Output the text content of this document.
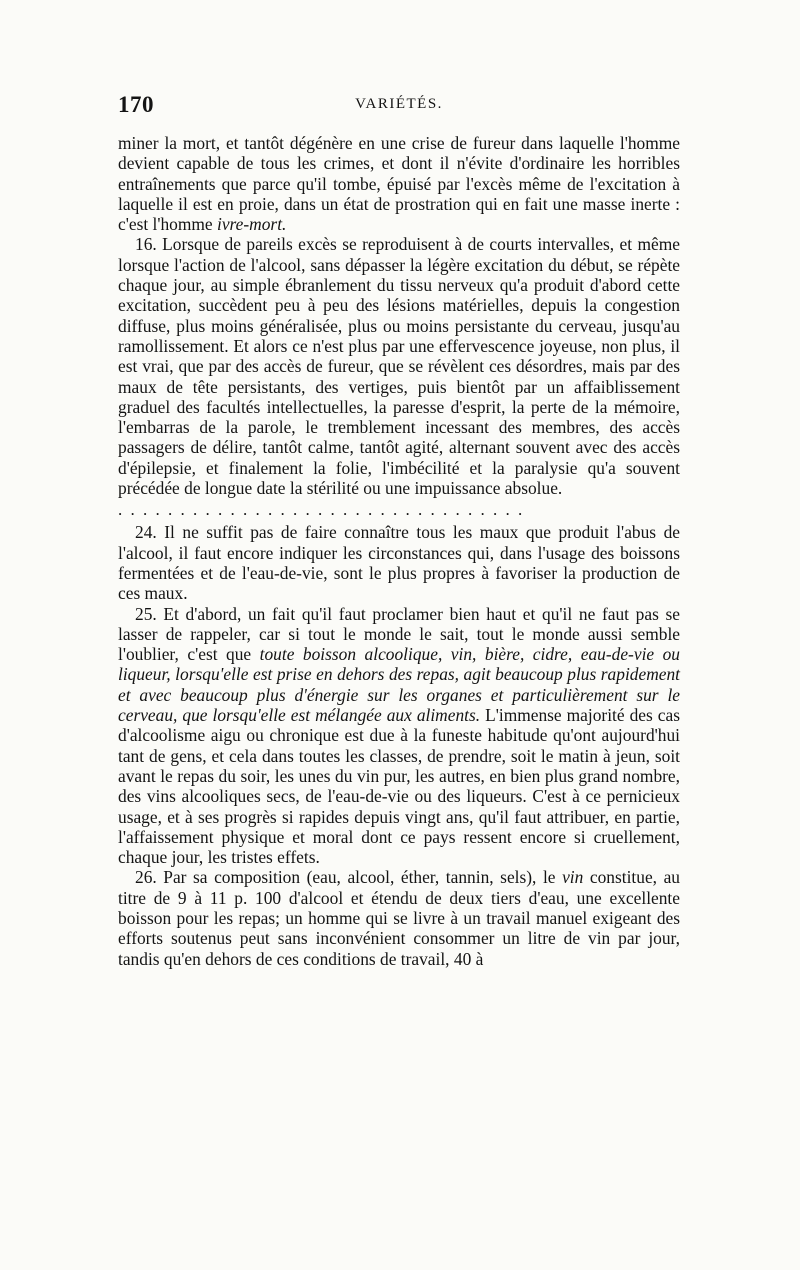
170	VARIÉTÉS.

miner la mort, et tantôt dégénère en une crise de fureur dans laquelle l'homme devient capable de tous les crimes, et dont il n'évite d'ordinaire les horribles entraînements que parce qu'il tombe, épuisé par l'excès même de l'excitation à laquelle il est en proie, dans un état de prostration qui en fait une masse inerte : c'est l'homme ivre-mort.

16. Lorsque de pareils excès se reproduisent à de courts intervalles, et même lorsque l'action de l'alcool, sans dépasser la légère excitation du début, se répète chaque jour, au simple ébranlement du tissu nerveux qu'a produit d'abord cette excitation, succèdent peu à peu des lésions matérielles, depuis la congestion diffuse, plus moins généralisée, plus ou moins persistante du cerveau, jusqu'au ramollissement. Et alors ce n'est plus par une effervescence joyeuse, non plus, il est vrai, que par des accès de fureur, que se révèlent ces désordres, mais par des maux de tête persistants, des vertiges, puis bientôt par un affaiblissement graduel des facultés intellectuelles, la paresse d'esprit, la perte de la mémoire, l'embarras de la parole, le tremblement incessant des membres, des accès passagers de délire, tantôt calme, tantôt agité, alternant souvent avec des accès d'épilepsie, et finalement la folie, l'imbécilité et la paralysie qu'a souvent précédée de longue date la stérilité ou une impuissance absolue.

. . . . . . . . . . . . . . . . . . . . . . . . . . . . . . . . .

24. Il ne suffit pas de faire connaître tous les maux que produit l'abus de l'alcool, il faut encore indiquer les circonstances qui, dans l'usage des boissons fermentées et de l'eau-de-vie, sont le plus propres à favoriser la production de ces maux.

25. Et d'abord, un fait qu'il faut proclamer bien haut et qu'il ne faut pas se lasser de rappeler, car si tout le monde le sait, tout le monde aussi semble l'oublier, c'est que toute boisson alcoolique, vin, bière, cidre, eau-de-vie ou liqueur, lorsqu'elle est prise en dehors des repas, agit beaucoup plus rapidement et avec beaucoup plus d'énergie sur les organes et particulièrement sur le cerveau, que lorsqu'elle est mélangée aux aliments. L'immense majorité des cas d'alcoolisme aigu ou chronique est due à la funeste habitude qu'ont aujourd'hui tant de gens, et cela dans toutes les classes, de prendre, soit le matin à jeun, soit avant le repas du soir, les unes du vin pur, les autres, en bien plus grand nombre, des vins alcooliques secs, de l'eau-de-vie ou des liqueurs. C'est à ce pernicieux usage, et à ses progrès si rapides depuis vingt ans, qu'il faut attribuer, en partie, l'affaissement physique et moral dont ce pays ressent encore si cruellement, chaque jour, les tristes effets.

26. Par sa composition (eau, alcool, éther, tannin, sels), le vin constitue, au titre de 9 à 11 p. 100 d'alcool et étendu de deux tiers d'eau, une excellente boisson pour les repas; un homme qui se livre à un travail manuel exigeant des efforts soutenus peut sans inconvénient consommer un litre de vin par jour, tandis qu'en dehors de ces conditions de travail, 40 à
